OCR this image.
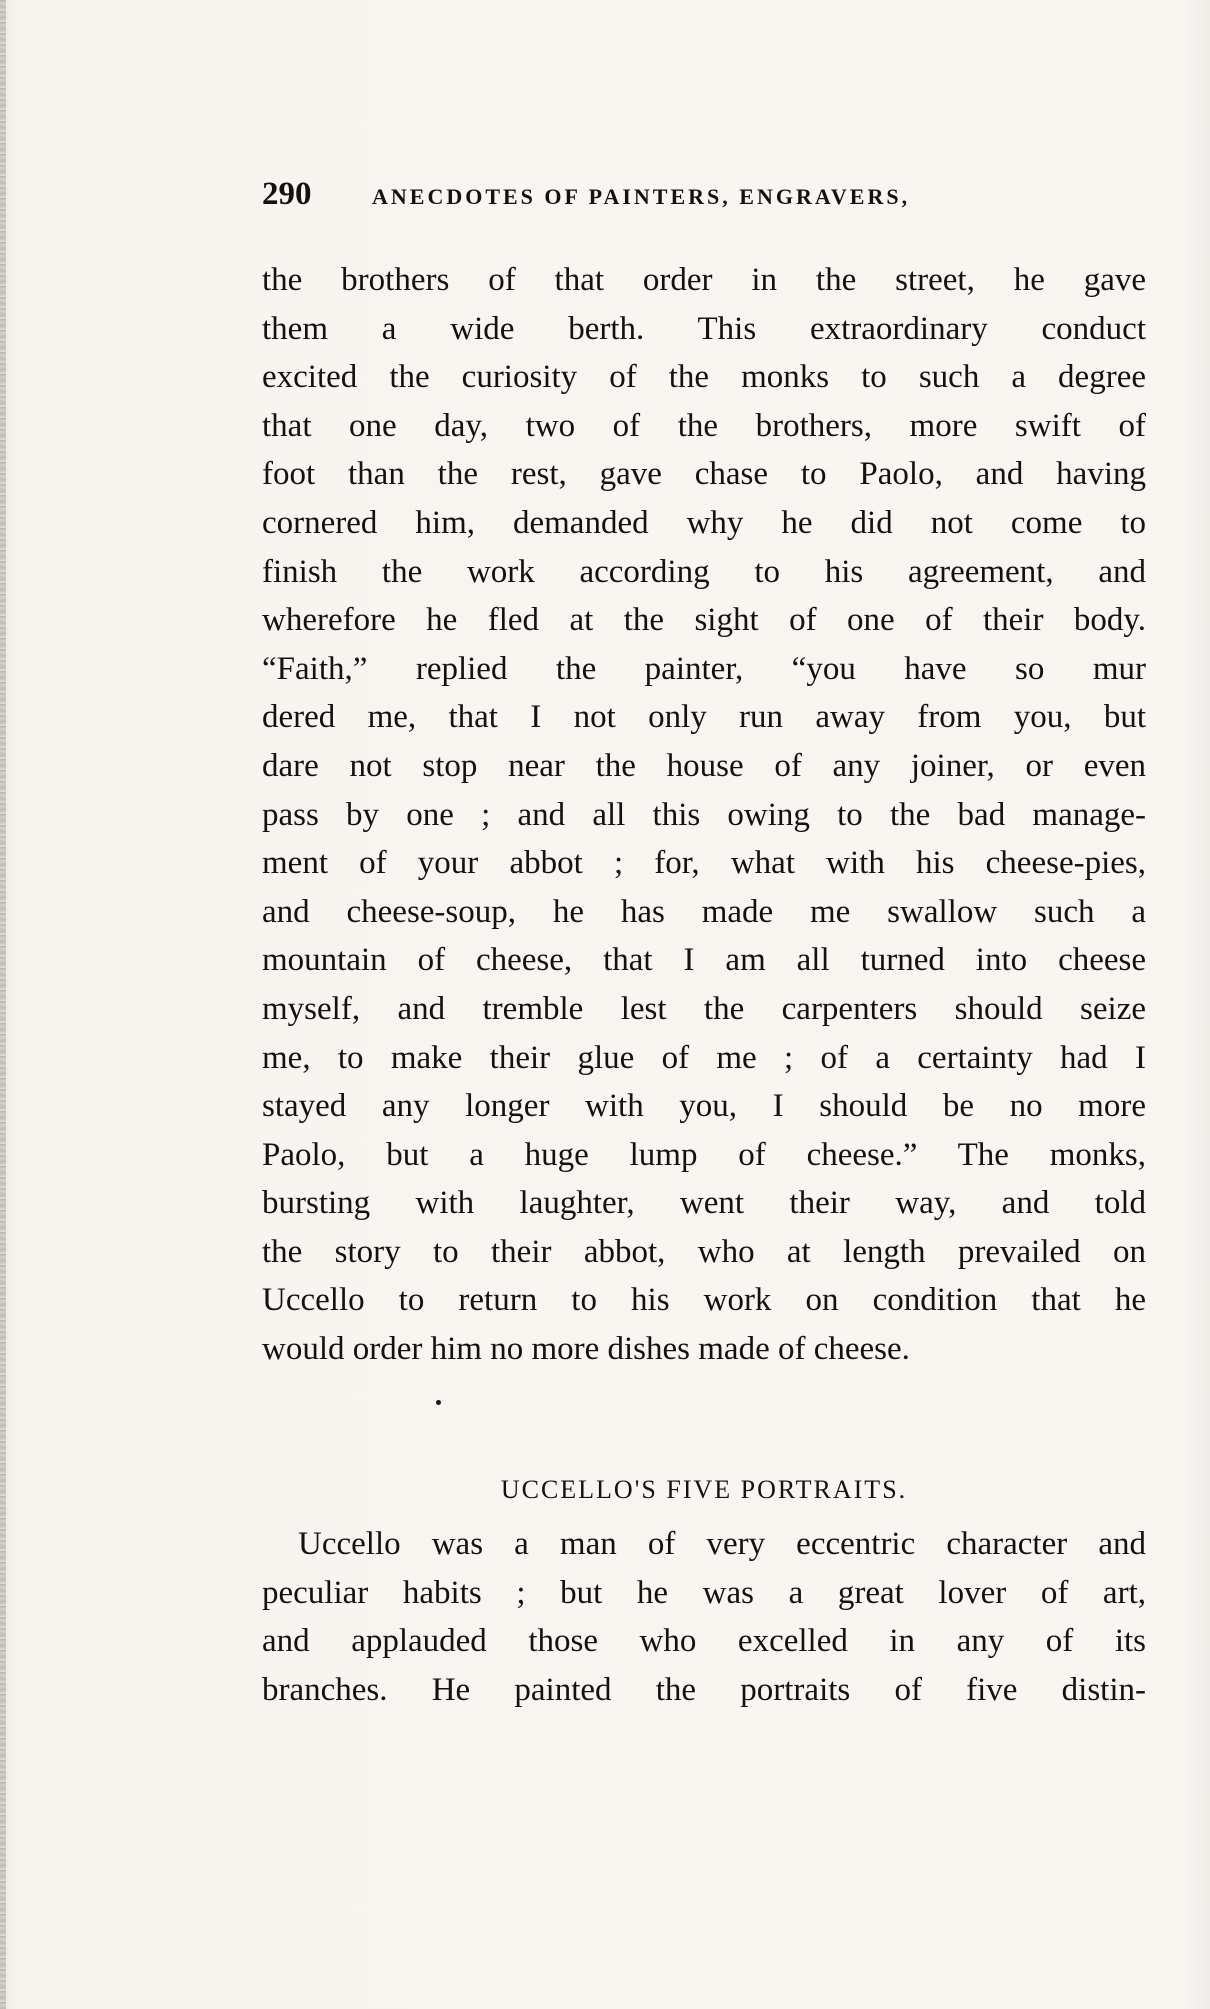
290	ANECDOTES OF PAINTERS, ENGRAVERS,
the brothers of that order in the street, he gave
them a wide berth. This extraordinary conduct
excited the curiosity of the monks to such a degree
that one day, two of the brothers, more swift of
foot than the rest, gave chase to Paolo, and having
cornered him, demanded why he did not come to
finish the work according to his agreement, and
wherefore he fled at the sight of one of their body.
“Faith,” replied the painter, “you have so mur
dered me, that I not only run away from you, but
dare not stop near the house of any joiner, or even
pass by one ; and all this owing to the bad manage-
ment of your abbot ; for, what with his cheese-pies,
and cheese-soup, he has made me swallow such a
mountain of cheese, that I am all turned into cheese
myself, and tremble lest the carpenters should seize
me, to make their glue of me ; of a certainty had I
stayed any longer with you, I should be no more
Paolo, but a huge lump of cheese.” The monks,
bursting with laughter, went their way, and told
the story to their abbot, who at length prevailed on
Uccello to return to his work on condition that he
would order him no more dishes made of cheese.
UCCELLO'S FIVE PORTRAITS.
Uccello was a man of very eccentric character and
peculiar habits ; but he was a great lover of art,
and applauded those who excelled in any of its
branches. He painted the portraits of five distin-
